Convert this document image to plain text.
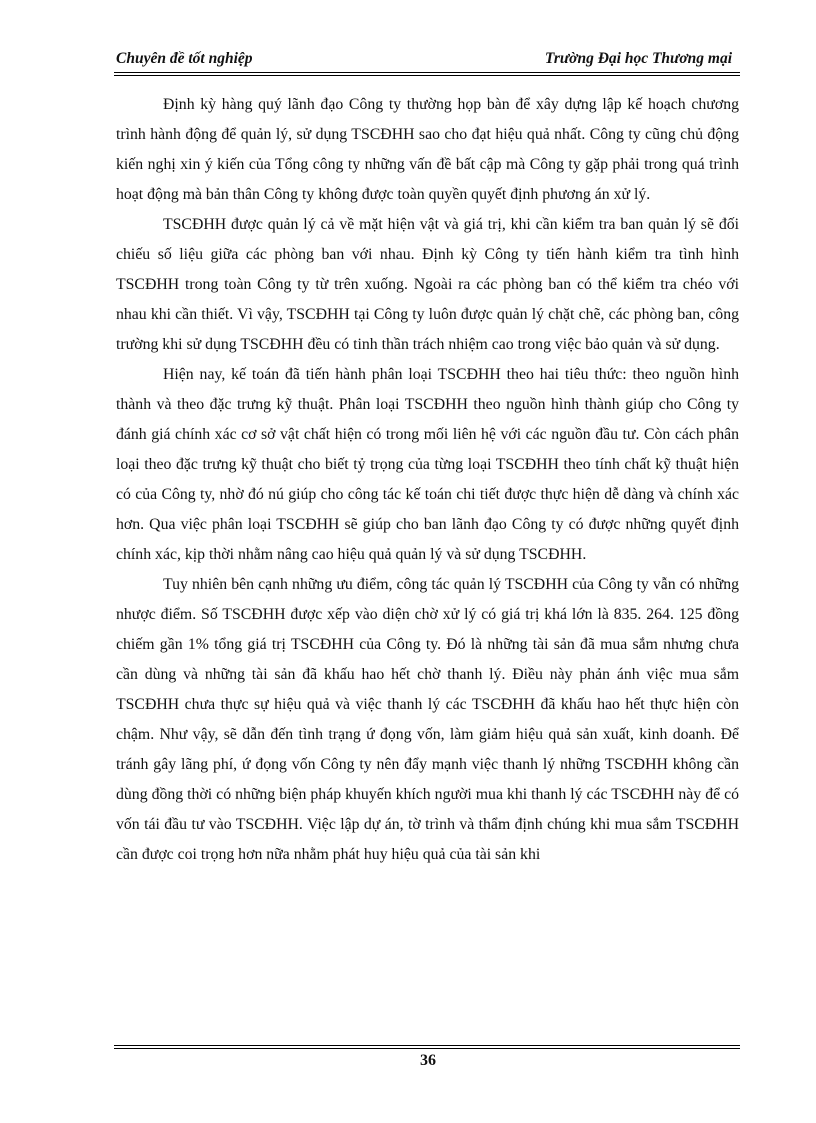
Chuyên đề tốt nghiệp	Trường Đại học Thương mại

Định kỳ hàng quý lãnh đạo Công ty thường họp bàn để xây dựng lập kế hoạch chương trình hành động để quản lý, sử dụng TSCĐHH sao cho đạt hiệu quả nhất. Công ty cũng chủ động kiến nghị xin ý kiến của Tổng công ty những vấn đề bất cập mà Công ty gặp phải trong quá trình hoạt động mà bản thân Công ty không được toàn quyền quyết định phương án xử lý.

TSCĐHH được quản lý cả về mặt hiện vật và giá trị, khi cần kiểm tra ban quản lý sẽ đối chiếu số liệu giữa các phòng ban với nhau. Định kỳ Công ty tiến hành kiểm tra tình hình TSCĐHH trong toàn Công ty từ trên xuống. Ngoài ra các phòng ban có thể kiểm tra chéo với nhau khi cần thiết. Vì vậy, TSCĐHH tại Công ty luôn được quản lý chặt chẽ, các phòng ban, công trường khi sử dụng TSCĐHH đều có tinh thần trách nhiệm cao trong việc bảo quản và sử dụng.

Hiện nay, kế toán đã tiến hành phân loại TSCĐHH theo hai tiêu thức: theo nguồn hình thành và theo đặc trưng kỹ thuật. Phân loại TSCĐHH theo nguồn hình thành giúp cho Công ty đánh giá chính xác cơ sở vật chất hiện có trong mối liên hệ với các nguồn đầu tư. Còn cách phân loại theo đặc trưng kỹ thuật cho biết tỷ trọng của từng loại TSCĐHH theo tính chất kỹ thuật hiện có của Công ty, nhờ đó nú giúp cho công tác kế toán chi tiết được thực hiện dễ dàng và chính xác hơn. Qua việc phân loại TSCĐHH sẽ giúp cho ban lãnh đạo Công ty có được những quyết định chính xác, kịp thời nhằm nâng cao hiệu quả quản lý và sử dụng TSCĐHH.

Tuy nhiên bên cạnh những ưu điểm, công tác quản lý TSCĐHH của Công ty vẫn có những nhược điểm. Số TSCĐHH được xếp vào diện chờ xử lý có giá trị khá lớn là 835. 264. 125 đồng chiếm gần 1% tổng giá trị TSCĐHH của Công ty. Đó là những tài sản đã mua sắm nhưng chưa cần dùng và những tài sản đã khấu hao hết chờ thanh lý. Điều này phản ánh việc mua sắm TSCĐHH chưa thực sự hiệu quả và việc thanh lý các TSCĐHH đã khấu hao hết thực hiện còn chậm. Như vậy, sẽ dẫn đến tình trạng ứ đọng vốn, làm giảm hiệu quả sản xuất, kinh doanh. Để tránh gây lãng phí, ứ đọng vốn Công ty nên đẩy mạnh việc thanh lý những TSCĐHH không cần dùng đồng thời có những biện pháp khuyến khích người mua khi thanh lý các TSCĐHH này để có vốn tái đầu tư vào TSCĐHH. Việc lập dự án, tờ trình và thẩm định chúng khi mua sắm TSCĐHH cần được coi trọng hơn nữa nhằm phát huy hiệu quả của tài sản khi

36
